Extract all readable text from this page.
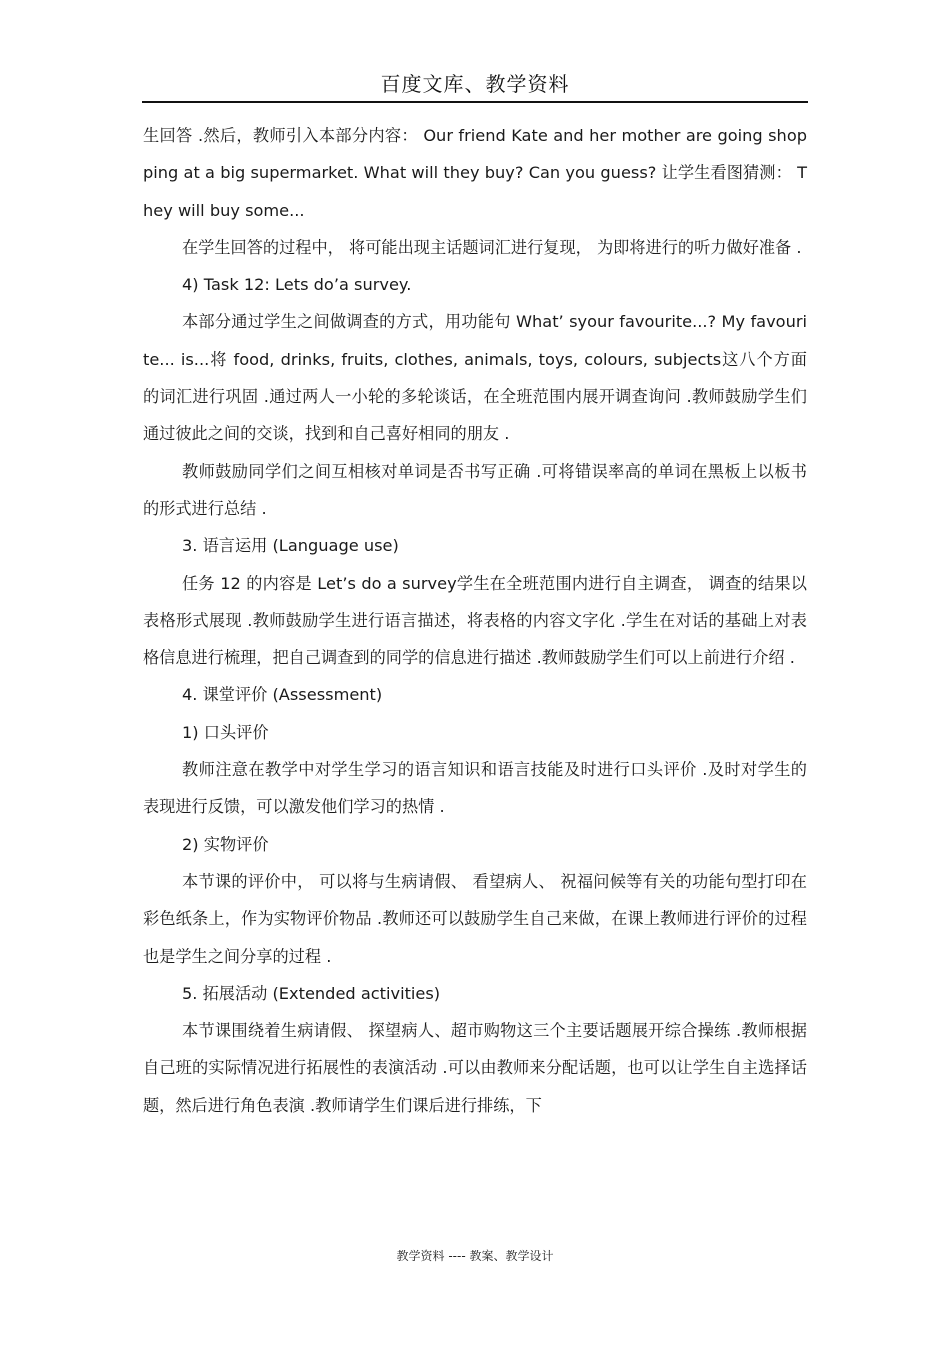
百度文库、教学资料

生回答 .然后，教师引入本部分内容： Our friend Kate and her mother are going shopping at a big supermarket. What will they buy? Can you guess? 让学生看图猜测： They will buy some...

在学生回答的过程中， 将可能出现主话题词汇进行复现， 为即将进行的听力做好准备 .

4) Task 12: Lets do’a survey.

本部分通过学生之间做调查的方式，用功能句 What’ syour favourite...? My favourite... is...将 food, drinks, fruits, clothes, animals, toys, colours, subjects这八个方面的词汇进行巩固 .通过两人一小轮的多轮谈话，在全班范围内展开调查询问 .教师鼓励学生们通过彼此之间的交谈，找到和自己喜好相同的朋友 .

教师鼓励同学们之间互相核对单词是否书写正确 .可将错误率高的单词在黑板上以板书的形式进行总结 .

3. 语言运用 (Language use)

任务 12 的内容是 Let’s do a survey学生在全班范围内进行自主调查， 调查的结果以表格形式展现 .教师鼓励学生进行语言描述，将表格的内容文字化 .学生在对话的基础上对表格信息进行梳理，把自己调查到的同学的信息进行描述 .教师鼓励学生们可以上前进行介绍 .

4. 课堂评价 (Assessment)

1) 口头评价

教师注意在教学中对学生学习的语言知识和语言技能及时进行口头评价 .及时对学生的表现进行反馈，可以激发他们学习的热情 .

2) 实物评价

本节课的评价中， 可以将与生病请假、 看望病人、 祝福问候等有关的功能句型打印在彩色纸条上，作为实物评价物品 .教师还可以鼓励学生自己来做，在课上教师进行评价的过程也是学生之间分享的过程 .

5. 拓展活动 (Extended activities)

本节课围绕着生病请假、 探望病人、超市购物这三个主要话题展开综合操练 .教师根据自己班的实际情况进行拓展性的表演活动 .可以由教师来分配话题，也可以让学生自主选择话题，然后进行角色表演 .教师请学生们课后进行排练，下

教学资料 ---- 教案、教学设计
